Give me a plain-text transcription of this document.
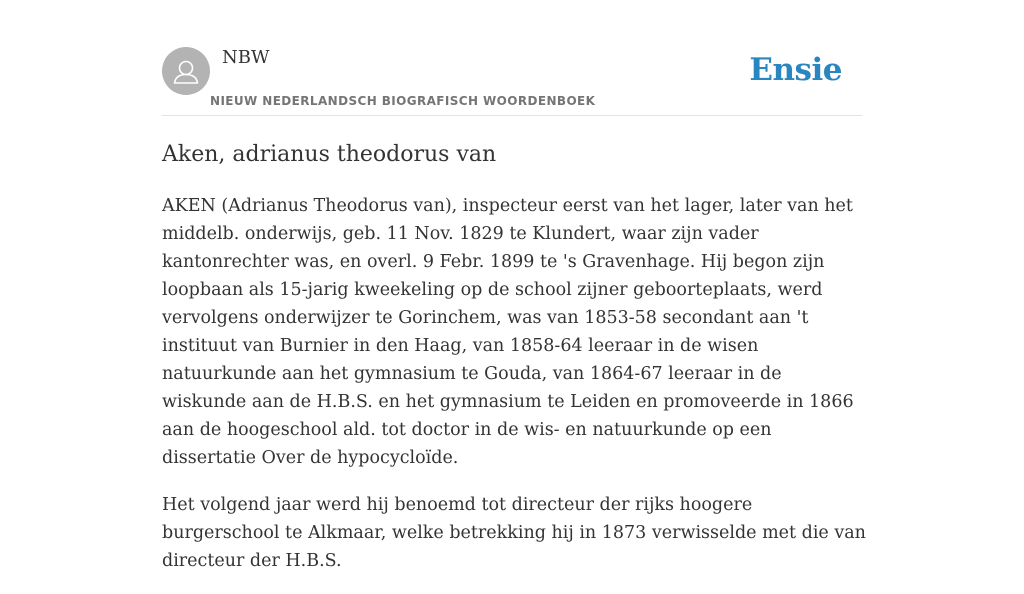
NBW
NIEUW NEDERLANDSCH BIOGRAFISCH WOORDENBOEK
Ensie
Aken, adrianus theodorus van

AKEN (Adrianus Theodorus van), inspecteur eerst van het lager, later van het middelb. onderwijs, geb. 11 Nov. 1829 te Klundert, waar zijn vader kantonrechter was, en overl. 9 Febr. 1899 te 's Gravenhage. Hij begon zijn loopbaan als 15-jarig kweekeling op de school zijner geboorteplaats, werd vervolgens onderwijzer te Gorinchem, was van 1853-58 secondant aan 't instituut van Burnier in den Haag, van 1858-64 leeraar in de wisen natuurkunde aan het gymnasium te Gouda, van 1864-67 leeraar in de wiskunde aan de H.B.S. en het gymnasium te Leiden en promoveerde in 1866 aan de hoogeschool ald. tot doctor in de wis- en natuurkunde op een dissertatie Over de hypocycloïde.

Het volgend jaar werd hij benoemd tot directeur der rijks hoogere burgerschool te Alkmaar, welke betrekking hij in 1873 verwisselde met die van directeur der H.B.S.
